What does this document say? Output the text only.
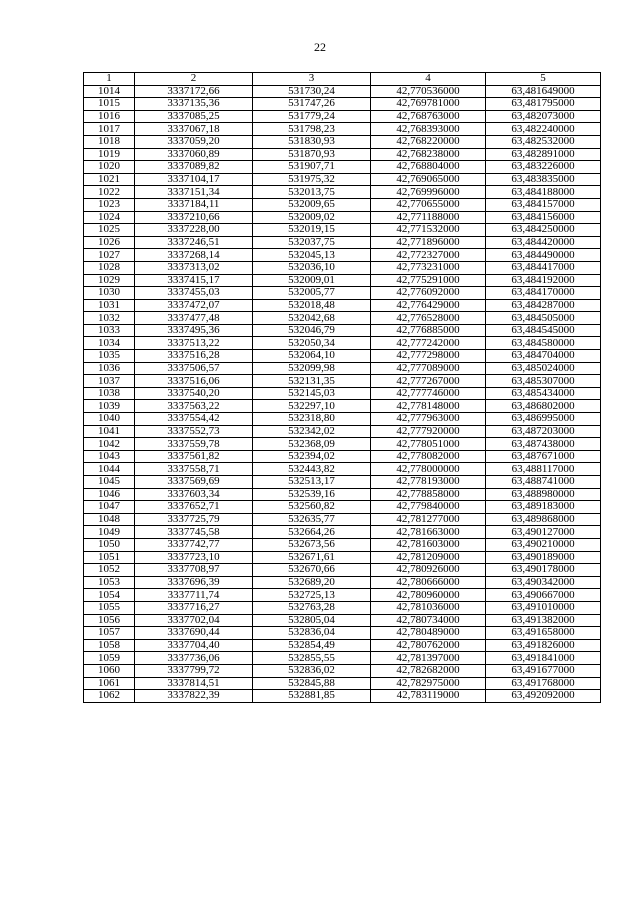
22
1	2	3	4	5
1014	3337172,66	531730,24	42,770536000	63,481649000
1015	3337135,36	531747,26	42,769781000	63,481795000
1016	3337085,25	531779,24	42,768763000	63,482073000
1017	3337067,18	531798,23	42,768393000	63,482240000
1018	3337059,20	531830,93	42,768220000	63,482532000
1019	3337060,89	531870,93	42,768238000	63,482891000
1020	3337089,82	531907,71	42,768804000	63,483226000
1021	3337104,17	531975,32	42,769065000	63,483835000
1022	3337151,34	532013,75	42,769996000	63,484188000
1023	3337184,11	532009,65	42,770655000	63,484157000
1024	3337210,66	532009,02	42,771188000	63,484156000
1025	3337228,00	532019,15	42,771532000	63,484250000
1026	3337246,51	532037,75	42,771896000	63,484420000
1027	3337268,14	532045,13	42,772327000	63,484490000
1028	3337313,02	532036,10	42,773231000	63,484417000
1029	3337415,17	532009,01	42,775291000	63,484192000
1030	3337455,03	532005,77	42,776092000	63,484170000
1031	3337472,07	532018,48	42,776429000	63,484287000
1032	3337477,48	532042,68	42,776528000	63,484505000
1033	3337495,36	532046,79	42,776885000	63,484545000
1034	3337513,22	532050,34	42,777242000	63,484580000
1035	3337516,28	532064,10	42,777298000	63,484704000
1036	3337506,57	532099,98	42,777089000	63,485024000
1037	3337516,06	532131,35	42,777267000	63,485307000
1038	3337540,20	532145,03	42,777746000	63,485434000
1039	3337563,22	532297,10	42,778148000	63,486802000
1040	3337554,42	532318,80	42,777963000	63,486995000
1041	3337552,73	532342,02	42,777920000	63,487203000
1042	3337559,78	532368,09	42,778051000	63,487438000
1043	3337561,82	532394,02	42,778082000	63,487671000
1044	3337558,71	532443,82	42,778000000	63,488117000
1045	3337569,69	532513,17	42,778193000	63,488741000
1046	3337603,34	532539,16	42,778858000	63,488980000
1047	3337652,71	532560,82	42,779840000	63,489183000
1048	3337725,79	532635,77	42,781277000	63,489868000
1049	3337745,58	532664,26	42,781663000	63,490127000
1050	3337742,77	532673,56	42,781603000	63,490210000
1051	3337723,10	532671,61	42,781209000	63,490189000
1052	3337708,97	532670,66	42,780926000	63,490178000
1053	3337696,39	532689,20	42,780666000	63,490342000
1054	3337711,74	532725,13	42,780960000	63,490667000
1055	3337716,27	532763,28	42,781036000	63,491010000
1056	3337702,04	532805,04	42,780734000	63,491382000
1057	3337690,44	532836,04	42,780489000	63,491658000
1058	3337704,40	532854,49	42,780762000	63,491826000
1059	3337736,06	532855,55	42,781397000	63,491841000
1060	3337799,72	532836,02	42,782682000	63,491677000
1061	3337814,51	532845,88	42,782975000	63,491768000
1062	3337822,39	532881,85	42,783119000	63,492092000
